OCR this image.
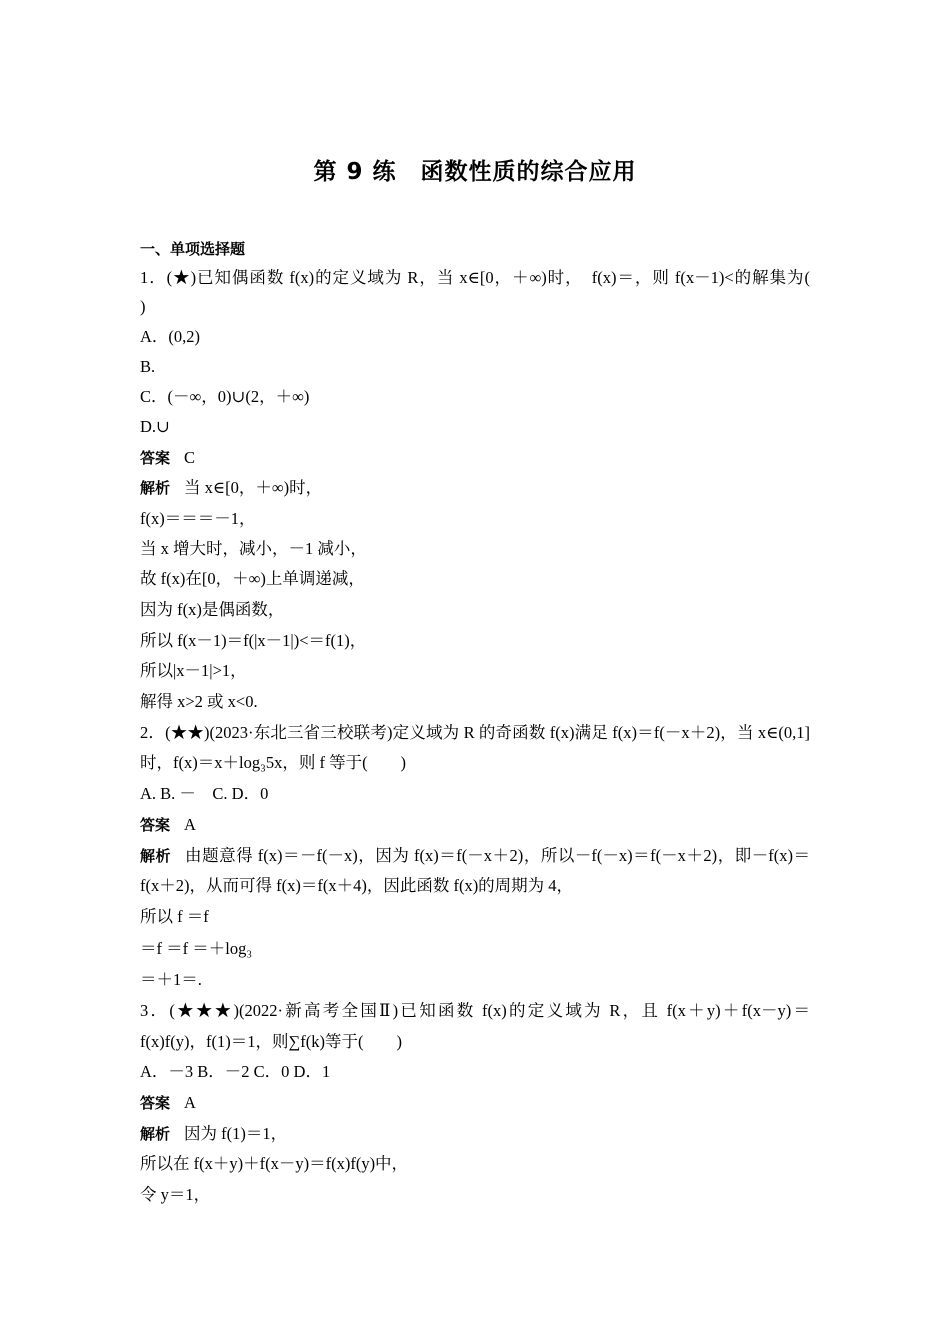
第 9 练　函数性质的综合应用
一、单项选择题
1．(★)已知偶函数 f(x)的定义域为 R，当 x∈[0，＋∞)时，　f(x)＝，则 f(x－1)<的解集为(
)
A．(0,2)
B.
C．(－∞，0)∪(2，＋∞)
D.∪
答案 C
解析 当 x∈[0，＋∞)时，
f(x)＝＝＝－1，
当 x 增大时，减小，－1 减小，
故 f(x)在[0，＋∞)上单调递减，
因为 f(x)是偶函数，
所以 f(x－1)＝f(|x－1|)<＝f(1)，
所以|x－1|>1，
解得 x>2 或 x<0.
2．(★★)(2023·东北三省三校联考)定义域为 R 的奇函数 f(x)满足 f(x)＝f(－x＋2)，当 x∈(0,1]
时，f(x)＝x＋log₃5x，则 f 等于(　　)
A. B. －　C. D．0
答案 A
解析 由题意得 f(x)＝－f(－x)，因为 f(x)＝f(－x＋2)，所以－f(－x)＝f(－x＋2)，即－f(x)＝
f(x＋2)，从而可得 f(x)＝f(x＋4)，因此函数 f(x)的周期为 4，
所以 f ＝f
＝f ＝f ＝＋log₃
＝＋1＝.
3．(★★★)(2022·新高考全国Ⅱ)已知函数 f(x)的定义域为 R，且 f(x＋y)＋f(x－y)＝
f(x)f(y)，f(1)＝1，则∑f(k)等于(　　)
A．－3 B．－2 C．0 D．1
答案 A
解析 因为 f(1)＝1，
所以在 f(x＋y)＋f(x－y)＝f(x)f(y)中，
令 y＝1，
